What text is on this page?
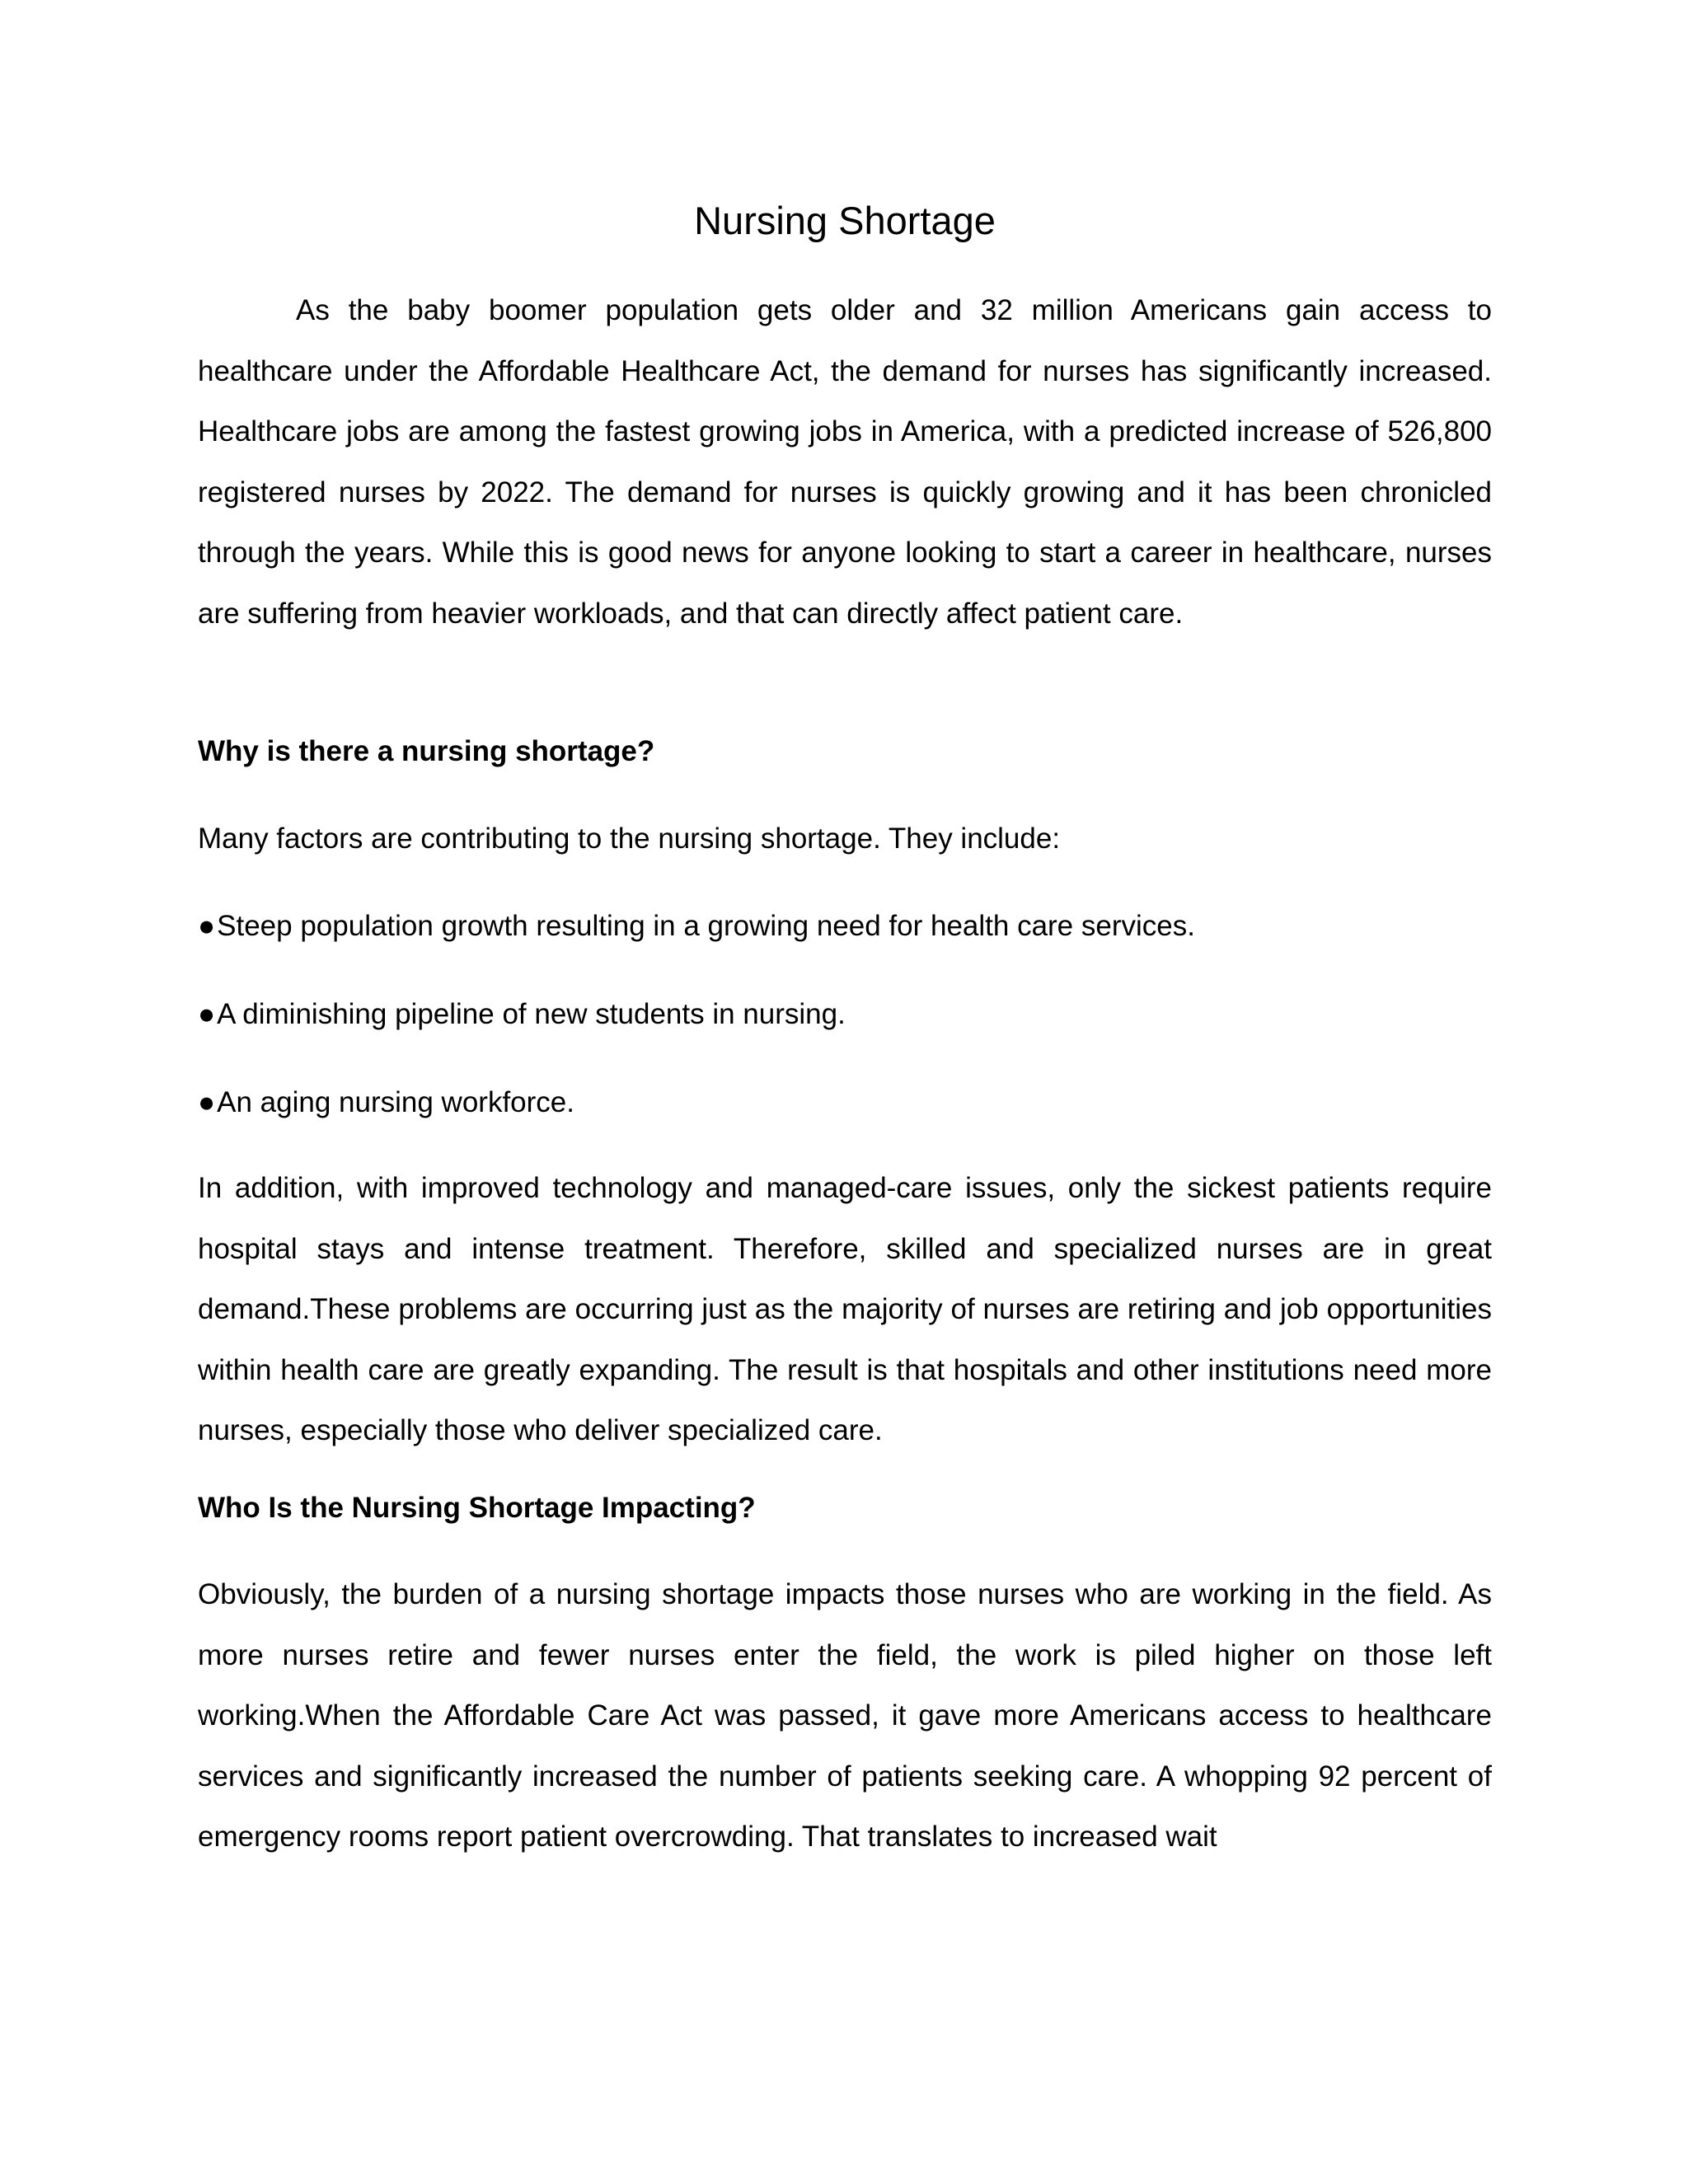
Nursing Shortage

As the baby boomer population gets older and 32 million Americans gain access to healthcare under the Affordable Healthcare Act, the demand for nurses has significantly increased. Healthcare jobs are among the fastest growing jobs in America, with a predicted increase of 526,800 registered nurses by 2022. The demand for nurses is quickly growing and it has been chronicled through the years. While this is good news for anyone looking to start a career in healthcare, nurses are suffering from heavier workloads, and that can directly affect patient care.

Why is there a nursing shortage?

Many factors are contributing to the nursing shortage. They include:

●Steep population growth resulting in a growing need for health care services.

●A diminishing pipeline of new students in nursing.

●An aging nursing workforce.

In addition, with improved technology and managed-care issues, only the sickest patients require hospital stays and intense treatment. Therefore, skilled and specialized nurses are in great demand.These problems are occurring just as the majority of nurses are retiring and job opportunities within health care are greatly expanding. The result is that hospitals and other institutions need more nurses, especially those who deliver specialized care.

Who Is the Nursing Shortage Impacting?

Obviously, the burden of a nursing shortage impacts those nurses who are working in the field. As more nurses retire and fewer nurses enter the field, the work is piled higher on those left working.When the Affordable Care Act was passed, it gave more Americans access to healthcare services and significantly increased the number of patients seeking care. A whopping 92 percent of emergency rooms report patient overcrowding. That translates to increased wait
